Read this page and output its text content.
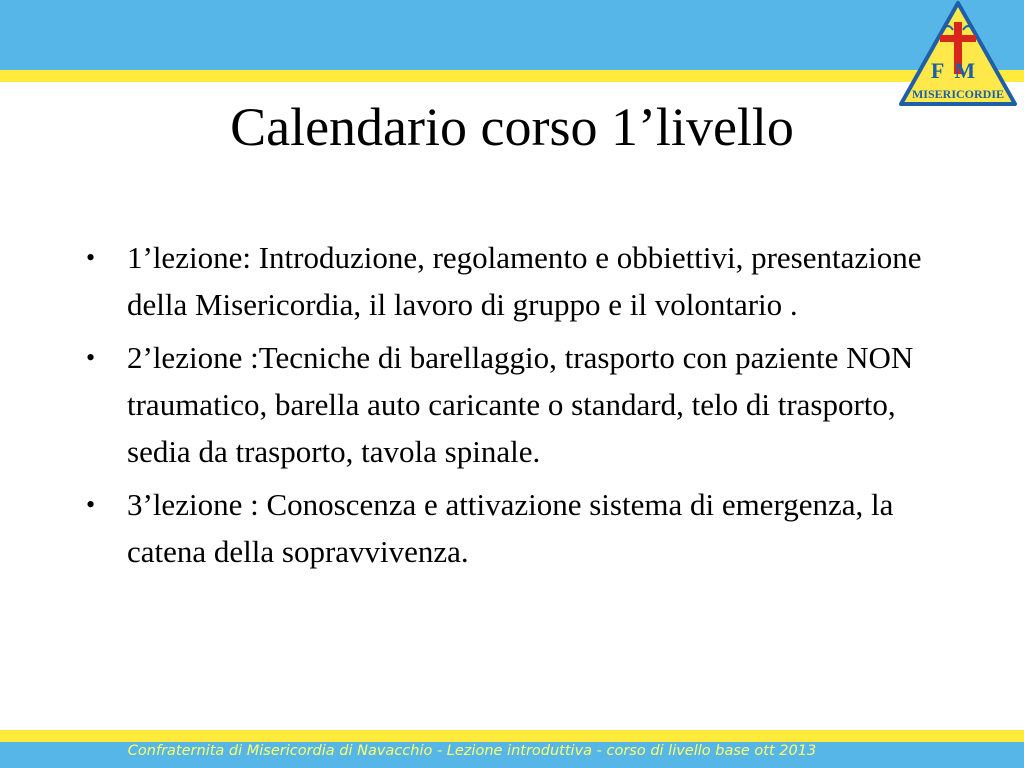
FM
MISERICORDIE
Calendario corso 1’livello
• 1’lezione: Introduzione, regolamento e obbiettivi, presentazione della Misericordia, il lavoro di gruppo e il volontario .
• 2’lezione :Tecniche di barellaggio, trasporto con paziente NON traumatico, barella auto caricante o standard, telo di trasporto, sedia da trasporto, tavola spinale.
• 3’lezione : Conoscenza e attivazione sistema di emergenza, la catena della sopravvivenza.
Confraternita di Misericordia di Navacchio - Lezione introduttiva - corso di livello base ott 2013
